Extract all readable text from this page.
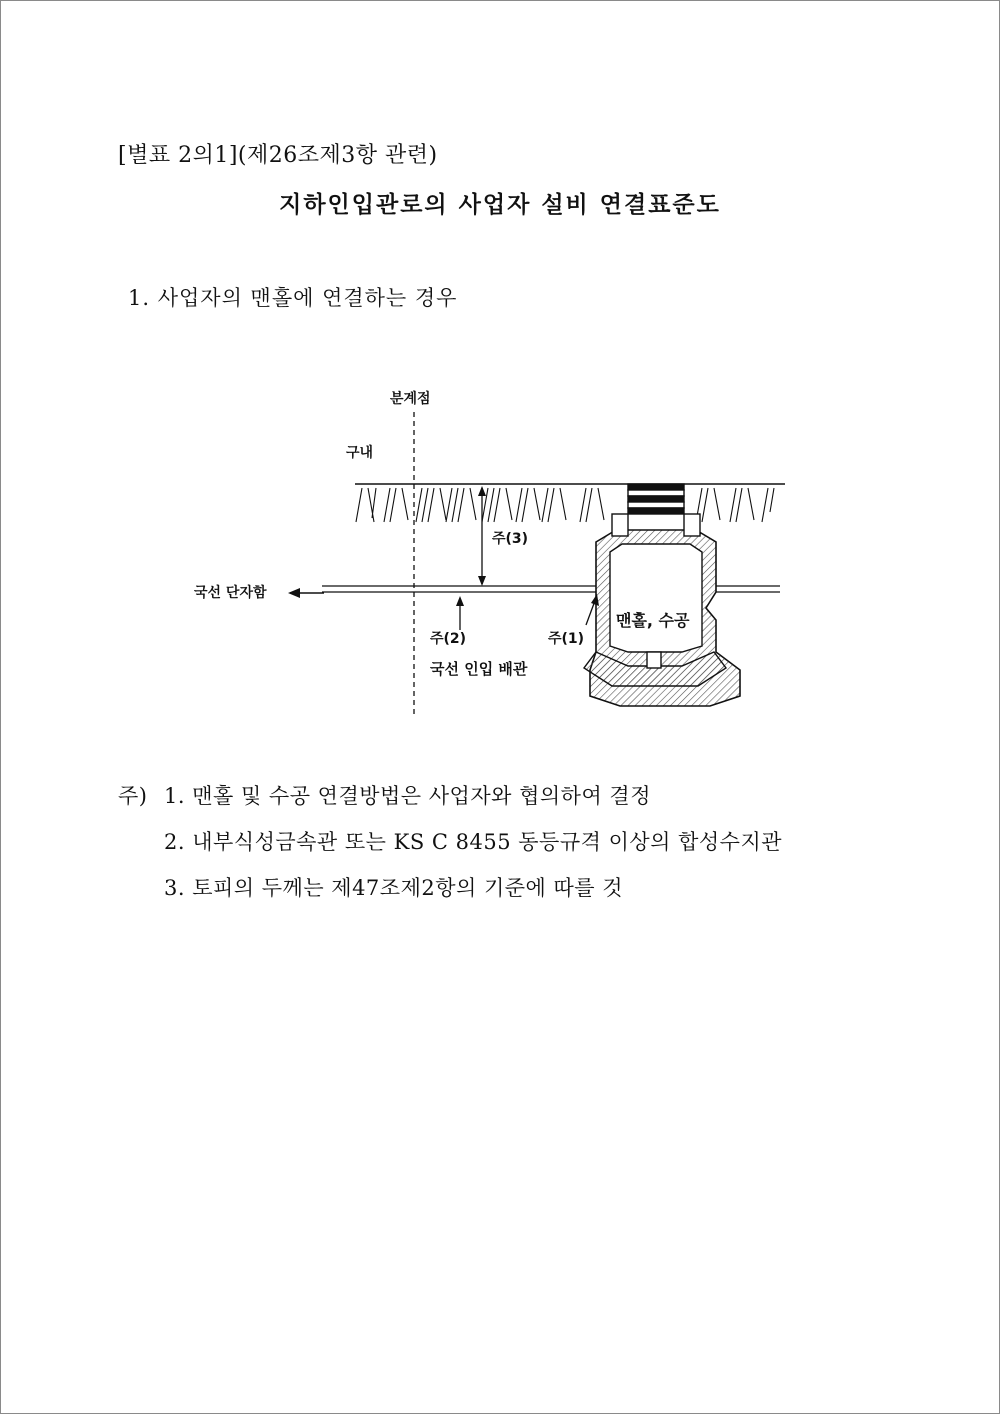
[별표 2의1](제26조제3항 관련)
지하인입관로의 사업자 설비 연결표준도
1. 사업자의 맨홀에 연결하는 경우
분계점
구내
주(3)
국선 단자함
주(2)	주(1)
맨홀, 수공
국선 인입 배관
주) 1. 맨홀 및 수공 연결방법은 사업자와 협의하여 결정
2. 내부식성금속관 또는 KS C 8455 동등규격 이상의 합성수지관
3. 토피의 두께는 제47조제2항의 기준에 따를 것
